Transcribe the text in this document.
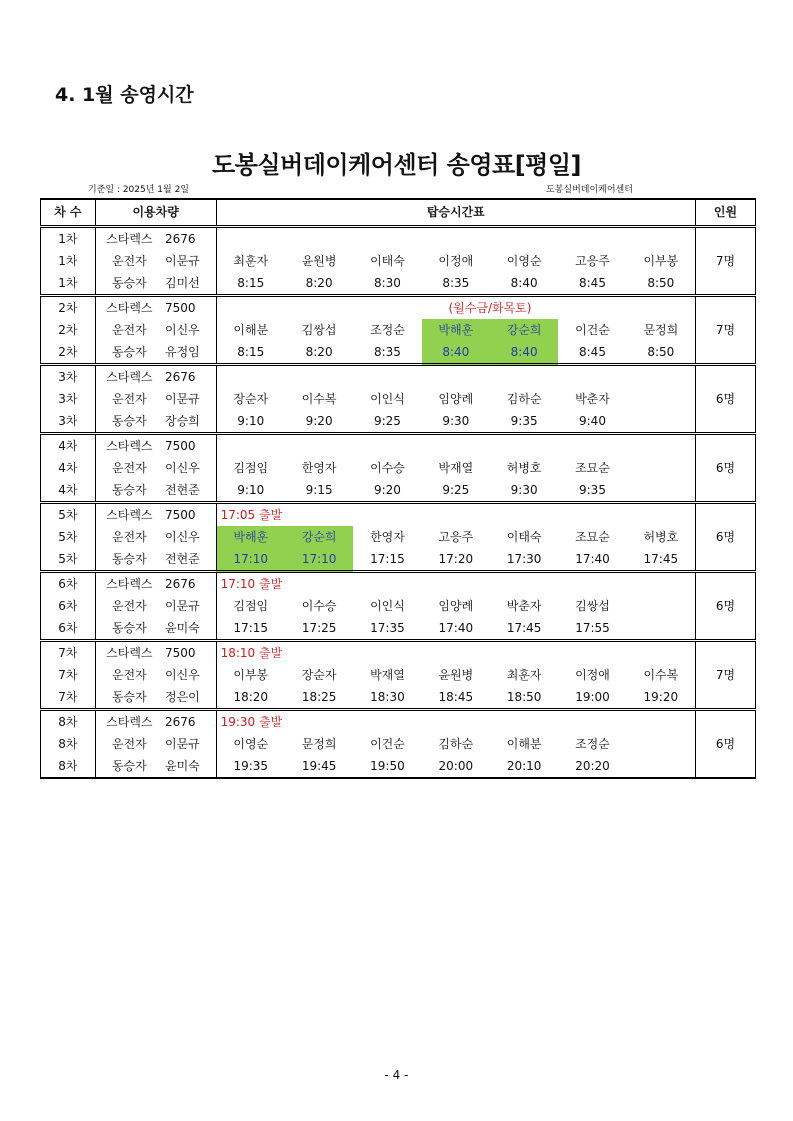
4. 1월 송영시간
도봉실버데이케어센터 송영표[평일]
기준일 : 2025년 1월 2일	도봉실버데이케어센터
차 수	이용차량		탑승시간표							인원
1차	스타렉스	2676								
1차	운전자	이문규	최훈자	윤원병	이태숙	이정애	이영순	고응주	이부봉	7명
1차	동승자	김미선	8:15	8:20	8:30	8:35	8:40	8:45	8:50	
2차	스타렉스	7500				(월수금/화목토)				
2차	운전자	이신우	이해분	김쌍섭	조정순	박해훈	강순희	이건순	문정희	7명
2차	동승자	유정임	8:15	8:20	8:35	8:40	8:40	8:45	8:50	
3차	스타렉스	2676								
3차	운전자	이문규	장순자	이수복	이인식	임양례	김하순	박춘자		6명
3차	동승자	장승희	9:10	9:20	9:25	9:30	9:35	9:40		
4차	스타렉스	7500								
4차	운전자	이신우	김점임	한영자	이수승	박재열	허병호	조묘순		6명
4차	동승자	전현준	9:10	9:15	9:20	9:25	9:30	9:35		
5차	스타렉스	7500	17:05 출발							
5차	운전자	이신우	박해훈	강순희	한영자	고응주	이태숙	조묘순	허병호	6명
5차	동승자	전현준	17:10	17:10	17:15	17:20	17:30	17:40	17:45	
6차	스타렉스	2676	17:10 출발							
6차	운전자	이문규	김점임	이수승	이인식	임양례	박춘자	김쌍섭		6명
6차	동승자	윤미숙	17:15	17:25	17:35	17:40	17:45	17:55		
7차	스타렉스	7500	18:10 출발							
7차	운전자	이신우	이부봉	장순자	박재열	윤원병	최훈자	이정애	이수복	7명
7차	동승자	정은이	18:20	18:25	18:30	18:45	18:50	19:00	19:20	
8차	스타렉스	2676	19:30 출발							
8차	운전자	이문규	이영순	문정희	이건순	김하순	이해분	조정순		6명
8차	동승자	윤미숙	19:35	19:45	19:50	20:00	20:10	20:20		
- 4 -
